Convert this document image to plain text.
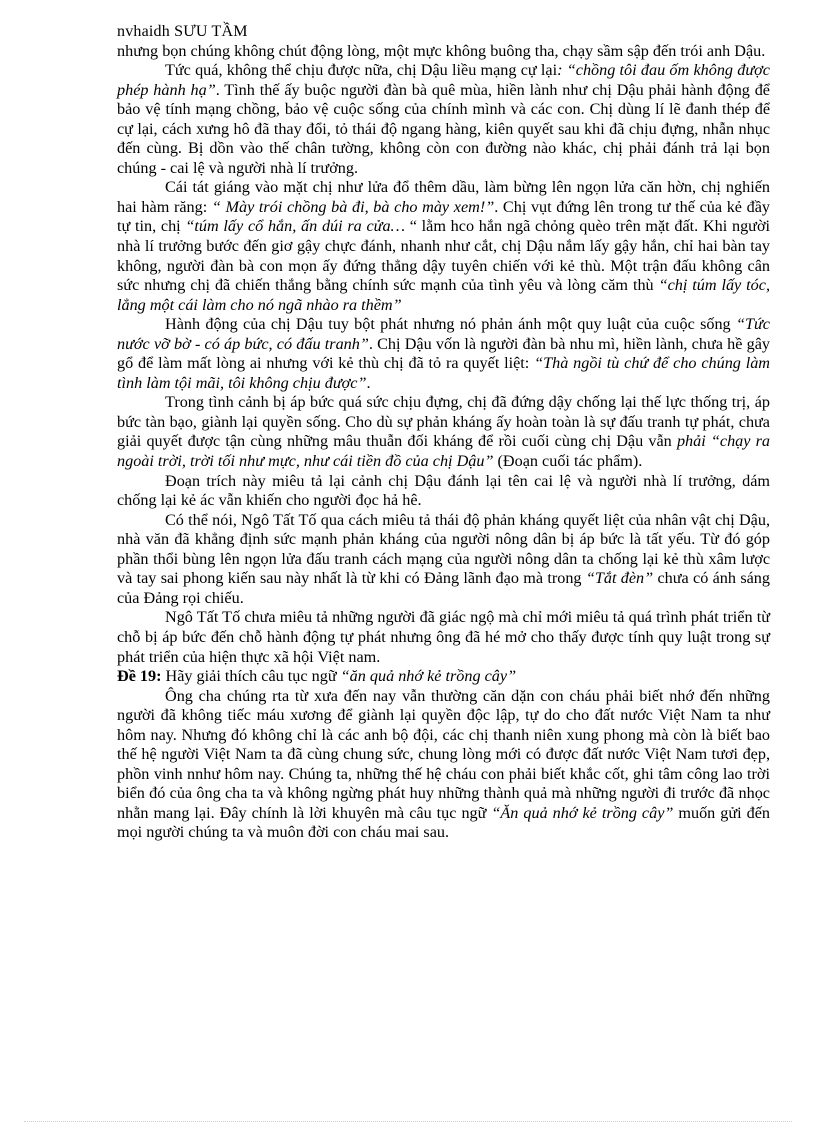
nvhaidh SƯU TẦM

nhưng bọn chúng không chút động lòng, một mực không buông tha, chạy sầm sập đến trói anh Dậu.

Tức quá, không thể chịu được nữa, chị Dậu liều mạng cự lại: “chồng tôi đau ốm không được phép hành hạ”. Tình thế ấy buộc người đàn bà quê mùa, hiền lành như chị Dậu phải hành động để bảo vệ tính mạng chồng, bảo vệ cuộc sống của chính mình và các con. Chị dùng lí lẽ đanh thép để cự lại, cách xưng hô đã thay đổi, tỏ thái độ ngang hàng, kiên quyết sau khi đã chịu đựng, nhẫn nhục đến cùng. Bị dồn vào thế chân tường, không còn con đường nào khác, chị phải đánh trả lại bọn chúng - cai lệ và người nhà lí trưởng.

Cái tát giáng vào mặt chị như lửa đổ thêm dầu, làm bừng lên ngọn lửa căn hờn, chị nghiến hai hàm răng: “ Mày trói chồng bà đi, bà cho mày xem!”. Chị vụt đứng lên trong tư thế của kẻ đầy tự tin, chị “túm lấy cổ hắn, ấn dúi ra cửa… “ lằm hco hắn ngã chỏng quèo trên mặt đất. Khi người nhà lí trưởng bước đến giơ gậy chực đánh, nhanh như cắt, chị Dậu nắm lấy gậy hắn, chỉ hai bàn tay không, người đàn bà con mọn ấy đứng thẳng dậy tuyên chiến với kẻ thù. Một trận đấu không cân sức nhưng chị đã chiến thắng bằng chính sức mạnh của tình yêu và lòng căm thù “chị túm lấy tóc, lẳng một cái làm cho nó ngã nhào ra thềm”

Hành động của chị Dậu tuy bột phát nhưng nó phản ánh một quy luật của cuộc sống “Tức nước vỡ bờ - có áp bức, có đấu tranh”. Chị Dậu vốn là người đàn bà nhu mì, hiền lành, chưa hề gây gổ để làm mất lòng ai nhưng với kẻ thù chị đã tỏ ra quyết liệt: “Thà ngồi tù chứ để cho chúng làm tình làm tội mãi, tôi không chịu được”.

Trong tình cảnh bị áp bức quá sức chịu đựng, chị đã đứng dậy chống lại thế lực thống trị, áp bức tàn bạo, giành lại quyền sống. Cho dù sự phản kháng ấy hoàn toàn là sự đấu tranh tự phát, chưa giải quyết được tận cùng những mâu thuẫn đối kháng để rồi cuối cùng chị Dậu vẫn phải “chạy ra ngoài trời, trời tối như mực, như cái tiền đồ của chị Dậu” (Đoạn cuối tác phẩm).

Đoạn trích này miêu tả lại cảnh chị Dậu đánh lại tên cai lệ và người nhà lí trưởng, dám chống lại kẻ ác vẫn khiến cho người đọc hả hê.

Có thể nói, Ngô Tất Tố qua cách miêu tả thái độ phản kháng quyết liệt của nhân vật chị Dậu, nhà văn đã khẳng định sức mạnh phản kháng của người nông dân bị áp bức là tất yếu. Từ đó góp phần thổi bùng lên ngọn lửa đấu tranh cách mạng của người nông dân ta chống lại kẻ thù xâm lược và tay sai phong kiến sau này nhất là từ khi có Đảng lãnh đạo mà trong “Tắt đèn” chưa có ánh sáng của Đảng rọi chiếu.

Ngô Tất Tố chưa miêu tả những người đã giác ngộ mà chỉ mới miêu tả quá trình phát triển từ chỗ bị áp bức đến chỗ hành động tự phát nhưng ông đã hé mở cho thấy được tính quy luật trong sự phát triển của hiện thực xã hội Việt nam.

Đề 19: Hãy giải thích câu tục ngữ “ăn quả nhớ kẻ trồng cây”

Ông cha chúng rta từ xưa đến nay vẫn thường căn dặn con cháu phải biết nhớ đến những người đã không tiếc máu xương để giành lại quyền độc lập, tự do cho đất nước Việt Nam ta như hôm nay. Nhưng đó không chỉ là các anh bộ đội, các chị thanh niên xung phong mà còn là biết bao thế hệ người Việt Nam ta đã cùng chung sức, chung lòng mới có được đất nước Việt Nam tươi đẹp, phồn vinh nnhư hôm nay. Chúng ta, những thế hệ cháu con phải biết khắc cốt, ghi tâm công lao trời biển đó của ông cha ta và không ngừng phát huy những thành quả mà những người đi trước đã nhọc nhằn mang lại. Đây chính là lời khuyên mà câu tục ngữ “Ăn quả nhớ kẻ trồng cây” muốn gửi đến mọi người chúng ta và muôn đời con cháu mai sau.
